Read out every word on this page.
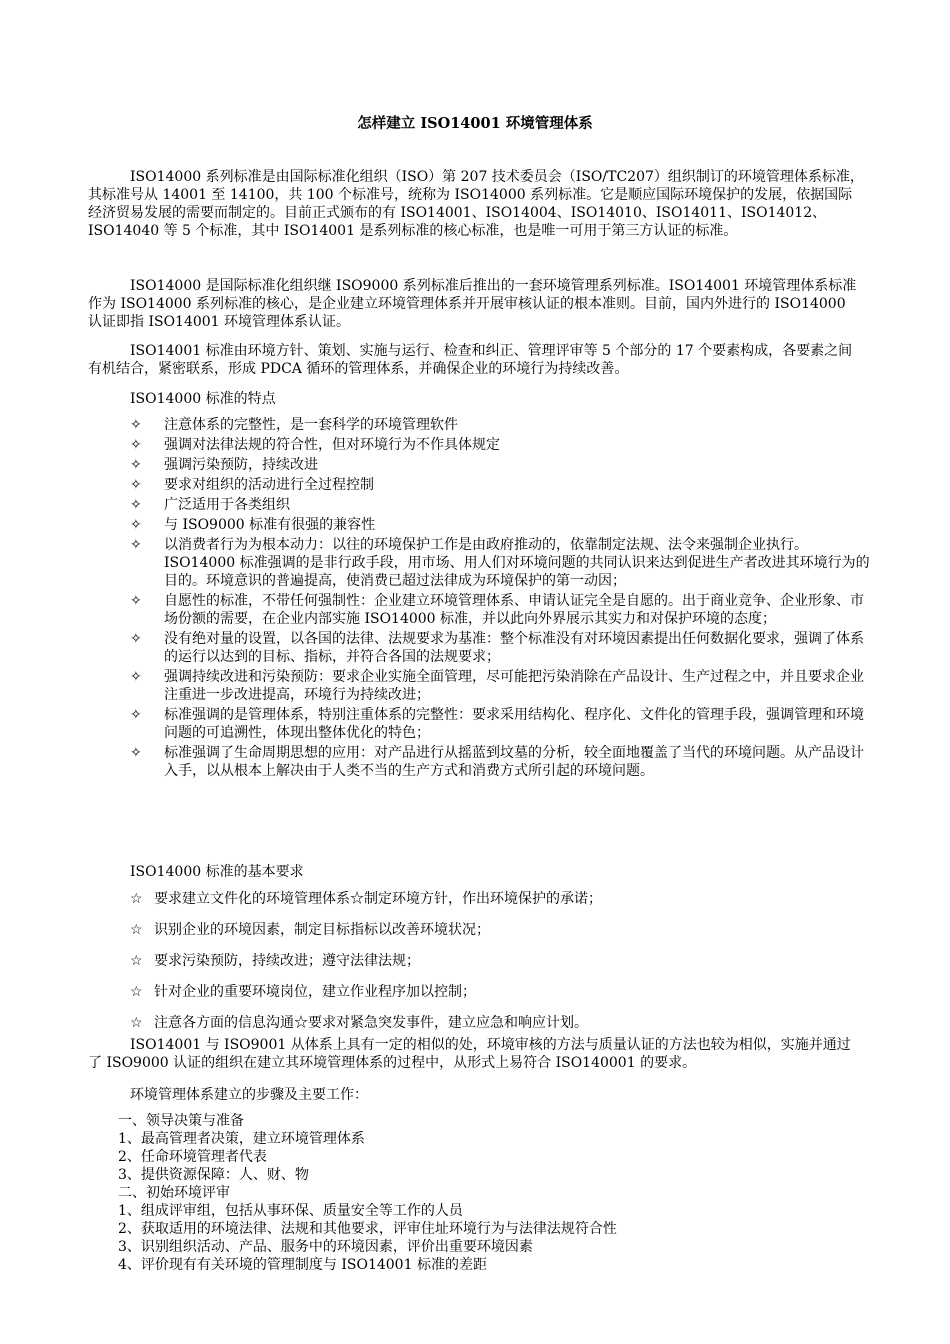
怎样建立 ISO14001 环境管理体系

ISO14000 系列标准是由国际标准化组织（ISO）第 207 技术委员会（ISO/TC207）组织制订的环境管理体系标准，其标准号从 14001 至 14100，共 100 个标准号，统称为 ISO14000 系列标准。它是顺应国际环境保护的发展，依据国际经济贸易发展的需要而制定的。目前正式颁布的有 ISO14001、ISO14004、ISO14010、ISO14011、ISO14012、ISO14040 等 5 个标准，其中 ISO14001 是系列标准的核心标准，也是唯一可用于第三方认证的标准。

ISO14000 是国际标准化组织继 ISO9000 系列标准后推出的一套环境管理系列标准。ISO14001 环境管理体系标准作为 ISO14000 系列标准的核心，是企业建立环境管理体系并开展审核认证的根本准则。目前，国内外进行的 ISO14000 认证即指 ISO14001 环境管理体系认证。

ISO14001 标准由环境方针、策划、实施与运行、检查和纠正、管理评审等 5 个部分的 17 个要素构成，各要素之间有机结合，紧密联系，形成 PDCA 循环的管理体系，并确保企业的环境行为持续改善。

ISO14000 标准的特点
✧ 注意体系的完整性，是一套科学的环境管理软件
✧ 强调对法律法规的符合性，但对环境行为不作具体规定
✧ 强调污染预防，持续改进
✧ 要求对组织的活动进行全过程控制
✧ 广泛适用于各类组织
✧ 与 ISO9000 标准有很强的兼容性
✧ 以消费者行为为根本动力：以往的环境保护工作是由政府推动的，依靠制定法规、法令来强制企业执行。ISO14000 标准强调的是非行政手段，用市场、用人们对环境问题的共同认识来达到促进生产者改进其环境行为的目的。环境意识的普遍提高，使消费已超过法律成为环境保护的第一动因；
✧ 自愿性的标准，不带任何强制性：企业建立环境管理体系、申请认证完全是自愿的。出于商业竞争、企业形象、市场份额的需要，在企业内部实施 ISO14000 标准，并以此向外界展示其实力和对保护环境的态度；
✧ 没有绝对量的设置，以各国的法律、法规要求为基准：整个标准没有对环境因素提出任何数据化要求，强调了体系的运行以达到的目标、指标，并符合各国的法规要求；
✧ 强调持续改进和污染预防：要求企业实施全面管理，尽可能把污染消除在产品设计、生产过程之中，并且要求企业注重进一步改进提高，环境行为持续改进；
✧ 标准强调的是管理体系，特别注重体系的完整性：要求采用结构化、程序化、文件化的管理手段，强调管理和环境问题的可追溯性，体现出整体优化的特色；
✧ 标准强调了生命周期思想的应用：对产品进行从摇蓝到坟墓的分析，较全面地覆盖了当代的环境问题。从产品设计入手，以从根本上解决由于人类不当的生产方式和消费方式所引起的环境问题。
ISO14000 标准的基本要求
☆ 要求建立文件化的环境管理体系☆制定环境方针，作出环境保护的承诺；
☆ 识别企业的环境因素，制定目标指标以改善环境状况；
☆ 要求污染预防，持续改进；遵守法律法规；
☆ 针对企业的重要环境岗位，建立作业程序加以控制；
☆ 注意各方面的信息沟通☆要求对紧急突发事件，建立应急和响应计划。

ISO14001 与 ISO9001 从体系上具有一定的相似的处，环境审核的方法与质量认证的方法也较为相似，实施并通过了 ISO9000 认证的组织在建立其环境管理体系的过程中，从形式上易符合 ISO140001 的要求。

环境管理体系建立的步骤及主要工作：
一、领导决策与准备
1、最高管理者决策，建立环境管理体系
2、任命环境管理者代表
3、提供资源保障：人、财、物
二、初始环境评审
1、组成评审组，包括从事环保、质量安全等工作的人员
2、获取适用的环境法律、法规和其他要求，评审住址环境行为与法律法规符合性
3、识别组织活动、产品、服务中的环境因素，评价出重要环境因素
4、评价现有有关环境的管理制度与 ISO14001 标准的差距
